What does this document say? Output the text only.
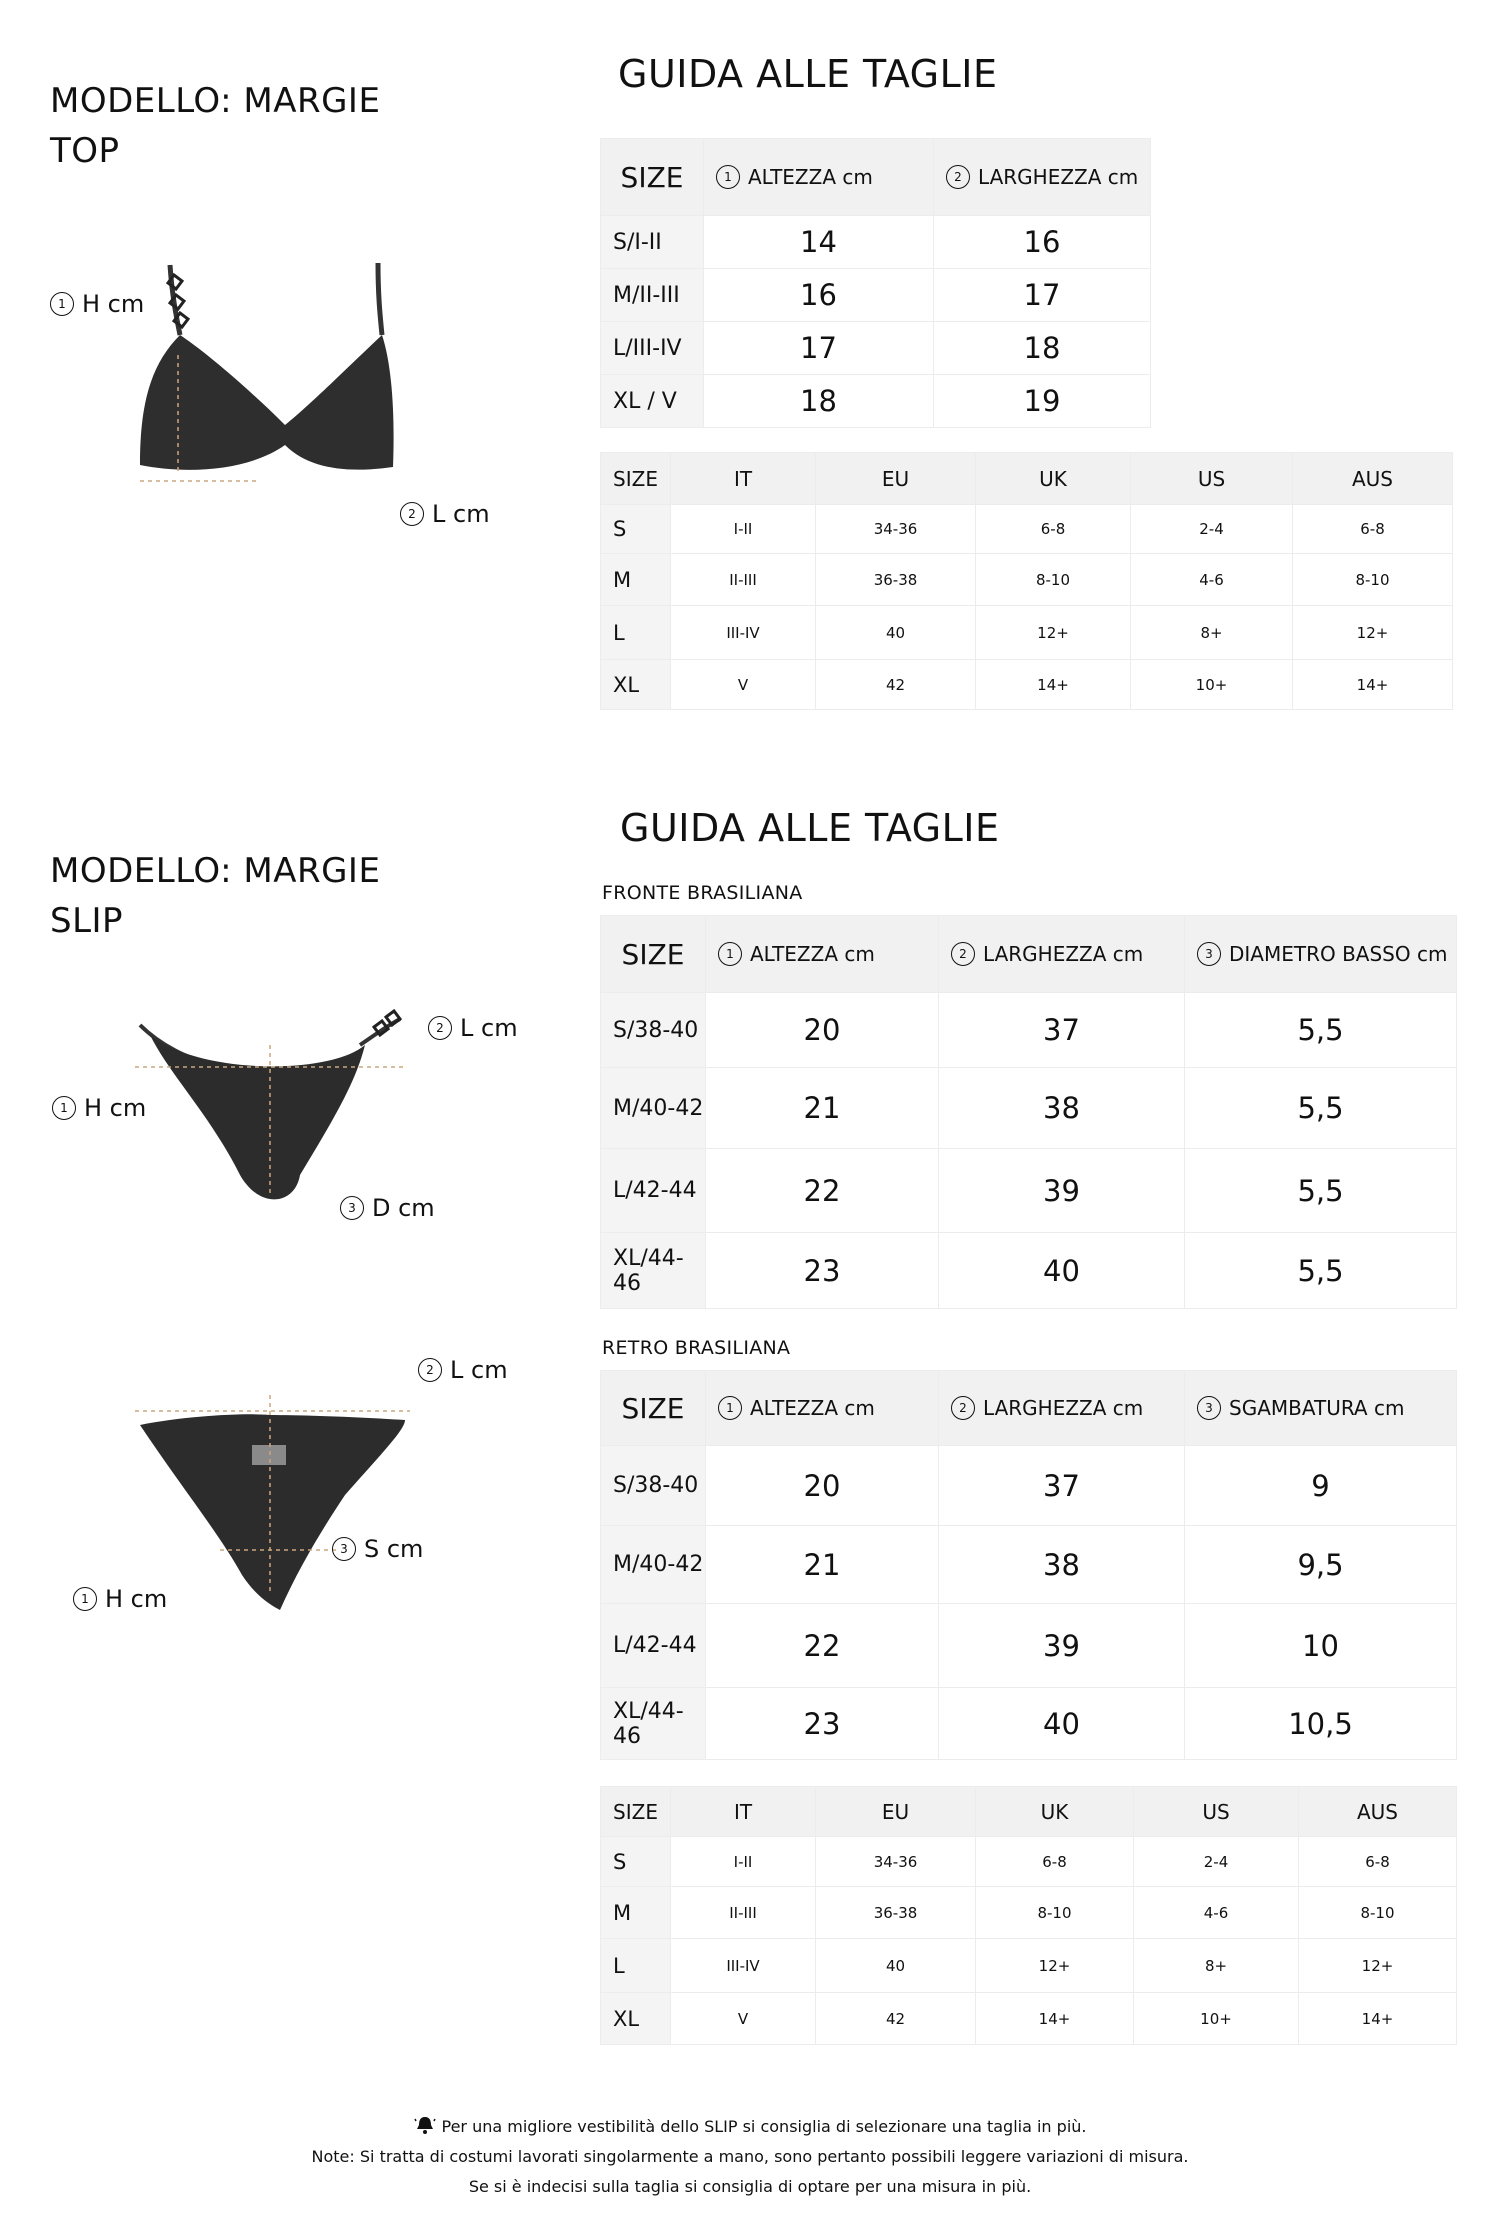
MODELLO: MARGIE
TOP
GUIDA ALLE TAGLIE
1 H cm
2 L cm
SIZE	1 ALTEZZA cm	2 LARGHEZZA cm

S/I-II	14	16
M/II-III	16	17
L/III-IV	17	18
XL / V	18	19
SIZE	IT	EU	UK	US	AUS
S	I-II	34-36	6-8	2-4	6-8
M	II-III	36-38	8-10	4-6	8-10
L	III-IV	40	12+	8+	12+
XL	V	42	14+	10+	14+
MODELLO: MARGIE
SLIP
GUIDA ALLE TAGLIE
2 L cm
1 H cm
3 D cm
FRONTE BRASILIANA
SIZE	1 ALTEZZA cm	2 LARGHEZZA cm	3 DIAMETRO BASSO cm

S/38-40	20	37	5,5
M/40-42	21	38	5,5
L/42-44	22	39	5,5
XL/44-46	23	40	5,5
2 L cm
3 S cm
1 H cm
RETRO BRASILIANA
SIZE	1 ALTEZZA cm	2 LARGHEZZA cm	3 SGAMBATURA cm

S/38-40	20	37	9
M/40-42	21	38	9,5
L/42-44	22	39	10
XL/44-46	23	40	10,5
SIZE	IT	EU	UK	US	AUS
S	I-II	34-36	6-8	2-4	6-8
M	II-III	36-38	8-10	4-6	8-10
L	III-IV	40	12+	8+	12+
XL	V	42	14+	10+	14+
Per una migliore vestibilità dello SLIP si consiglia di selezionare una taglia in più.
Note: Si tratta di costumi lavorati singolarmente a mano, sono pertanto possibili leggere variazioni di misura.
Se si è indecisi sulla taglia si consiglia di optare per una misura in più.
